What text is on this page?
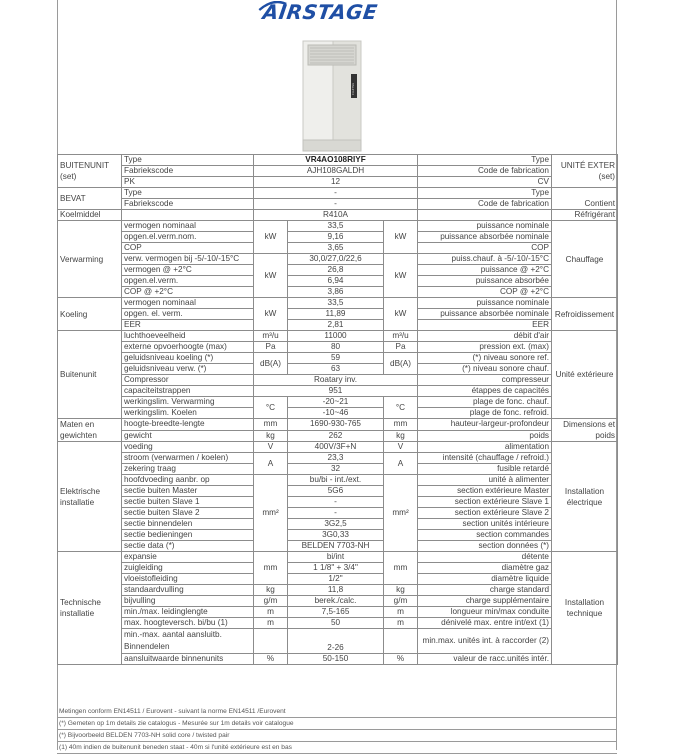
AIRSTAGE
FUJITSU
BUITENUNIT (set)	Type	VR4AO108RIYF			Type	UNITÉ EXTER (set)
	Fabriekscode	AJH108GALDH			Code de fabrication	
	PK	12			CV	
BEVAT	Type	-			Type	Contient
	Fabriekscode	-			Code de fabrication	
Koelmiddel		R410A				Réfrigérant
Verwarming	vermogen nominaal	kW	33,5	kW	puissance nominale	Chauffage
	opgen.el.verm.nom.		9,16		puissance absorbée nominale	
	COP		3,65		COP	
	verw. vermogen bij -5/-10/-15°C	kW	30,0/27,0/22,6	kW	puiss.chauf. à -5/-10/-15°C	
	vermogen @ +2°C		26,8		puissance @ +2°C	
	opgen.el.verm.		6,94		puissance absorbée	
	COP @ +2°C		3,86		COP @ +2°C	
Koeling	vermogen nominaal	kW	33,5	kW	puissance nominale	Refroidissement
	opgen. el. verm.		11,89		puissance absorbée nominale	
	EER		2,81		EER	
Buitenunit	luchthoeveelheid	m³/u	11000	m³/u	débit d'air	Unité extérieure
	externe opvoerhoogte (max)	Pa	80	Pa	pression ext. (max)	
	geluidsniveau koeling (*)	dB(A)	59	dB(A)	(*) niveau sonore ref.	
	geluidsniveau verw. (*)		63		(*) niveau sonore chauf.	
	Compressor	Roatary inv.			compresseur	
	capaciteitstrappen	951			étappes de capacités	
	werkingslim. Verwarming	°C	-20~21	°C	plage de fonc. chauf.	
	werkingslim. Koelen		-10~46		plage de fonc. refroid.	
Maten en gewichten	hoogte-breedte-lengte	mm	1690-930-765	mm	hauteur-largeur-profondeur	Dimensions et poids
	gewicht	kg	262	kg	poids	
Elektrische installatie	voeding	V	400V/3F+N	V	alimentation	Installation électrique
	stroom (verwarmen / koelen)	A	23,3	A	intensité (chauffage / refroid.)	
	zekering traag		32		fusible retardé	
	hoofdvoeding aanbr. op	mm²	bu/bi - int./ext.	mm²	unité à alimenter	
	sectie buiten Master		5G6		section extérieure Master	
	sectie buiten Slave 1		-		section extérieure Slave 1	
	sectie buiten Slave 2		-		section extérieure Slave 2	
	sectie binnendelen		3G2,5		section unités intérieure	
	sectie bedieningen		3G0,33		section commandes	
	sectie data (*)		BELDEN 7703-NH		section données (*)	
Technische installatie	expansie	mm	bi/int	mm	détente	Installation technique
	zuigleiding		1 1/8" + 3/4"		diamètre gaz	
	vloeistofleiding		1/2"		diamètre liquide	
	standaardvulling	kg	11,8	kg	charge standard	
	bijvulling	g/m	berek./calc.	g/m	charge supplémentaire	
	min./max. leidinglengte	m	7,5-165	m	longueur min/max conduite	
	max. hoogteversch. bi/bu (1)	m	50	m	dénivelé max. entre int/ext (1)	
	min.-max. aantal aansluitb. Binnendelen		2-26		min.max. unités int. à raccorder (2)	
	aansluitwaarde binnenunits	%	50-150	%	valeur de racc.unités intér.	
Metingen conform EN14511 / Eurovent - suivant la norme EN14511 /Eurovent
(*) Gemeten op 1m details zie catalogus - Mesurée sur 1m details voir catalogue
(*) Bijvoorbeeld BELDEN 7703-NH solid core / twisted pair
(1) 40m indien de buitenunit beneden staat - 40m si l'unité extérieure est en bas
